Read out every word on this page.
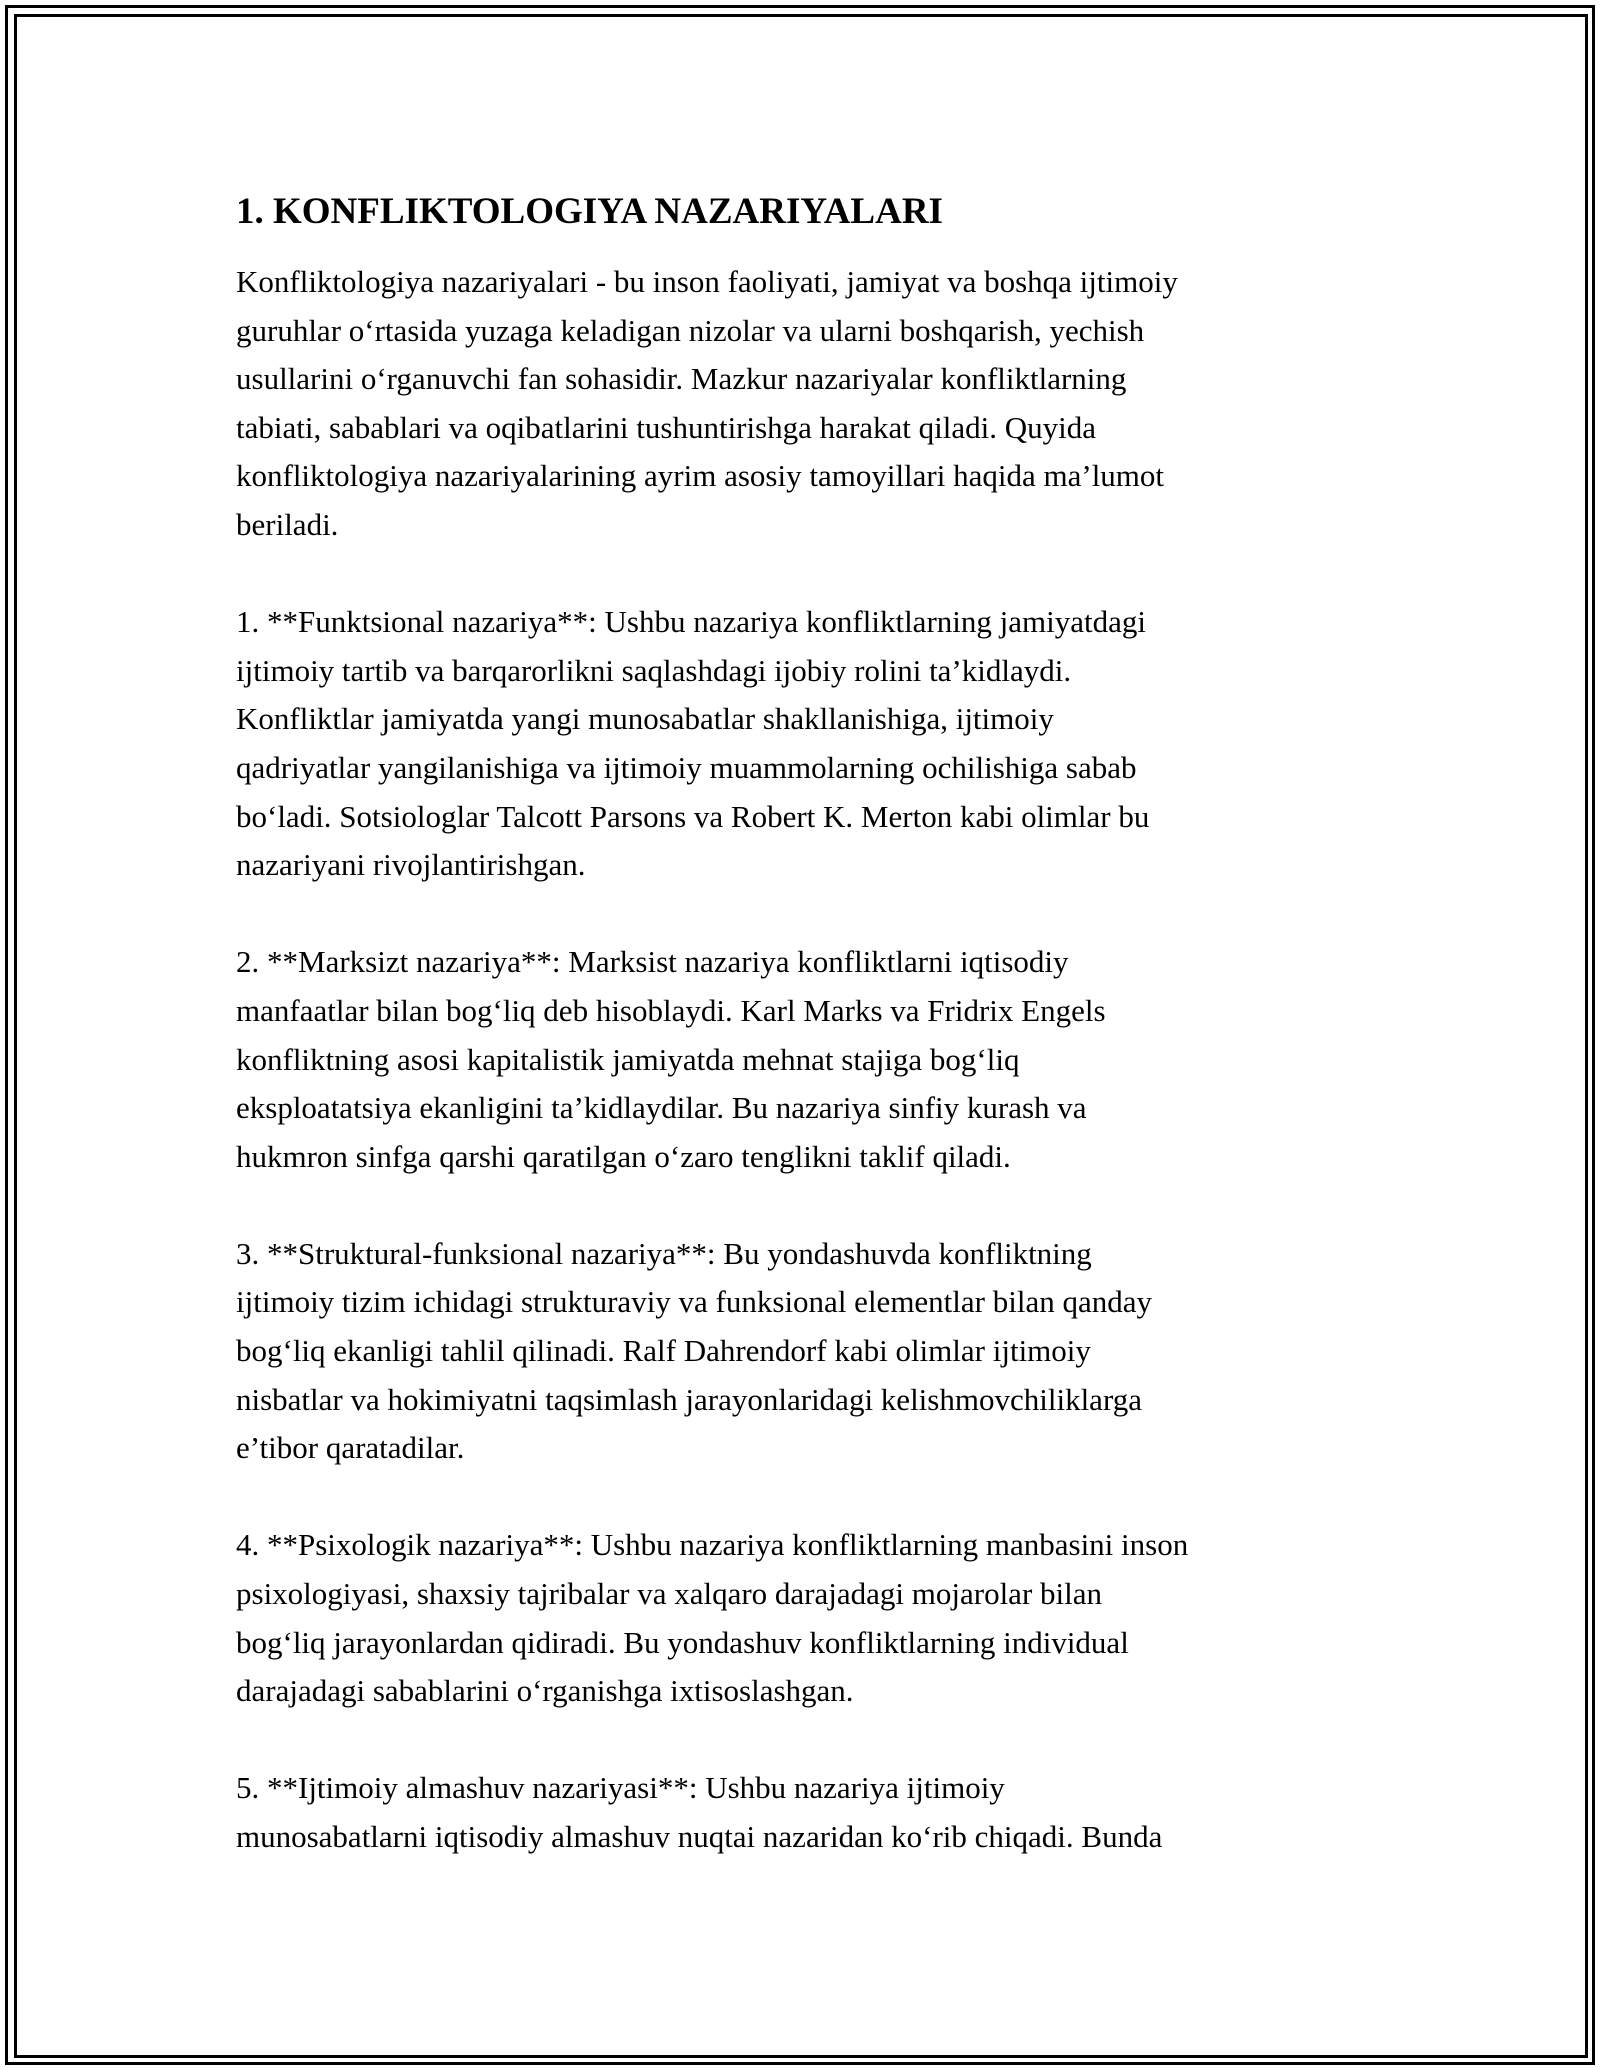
1. KONFLIKTOLOGIYA NAZARIYALARI

Konfliktologiya nazariyalari - bu inson faoliyati, jamiyat va boshqa ijtimoiy
guruhlar o‘rtasida yuzaga keladigan nizolar va ularni boshqarish, yechish
usullarini o‘rganuvchi fan sohasidir. Mazkur nazariyalar konfliktlarning
tabiati, sabablari va oqibatlarini tushuntirishga harakat qiladi. Quyida
konfliktologiya nazariyalarining ayrim asosiy tamoyillari haqida ma’lumot
beriladi.

1. **Funktsional nazariya**: Ushbu nazariya konfliktlarning jamiyatdagi
ijtimoiy tartib va barqarorlikni saqlashdagi ijobiy rolini ta’kidlaydi.
Konfliktlar jamiyatda yangi munosabatlar shakllanishiga, ijtimoiy
qadriyatlar yangilanishiga va ijtimoiy muammolarning ochilishiga sabab
bo‘ladi. Sotsiologlar Talcott Parsons va Robert K. Merton kabi olimlar bu
nazariyani rivojlantirishgan.

2. **Marksizt nazariya**: Marksist nazariya konfliktlarni iqtisodiy
manfaatlar bilan bog‘liq deb hisoblaydi. Karl Marks va Fridrix Engels
konfliktning asosi kapitalistik jamiyatda mehnat stajiga bog‘liq
eksploatatsiya ekanligini ta’kidlaydilar. Bu nazariya sinfiy kurash va
hukmron sinfga qarshi qaratilgan o‘zaro tenglikni taklif qiladi.

3. **Struktural-funksional nazariya**: Bu yondashuvda konfliktning
ijtimoiy tizim ichidagi strukturaviy va funksional elementlar bilan qanday
bog‘liq ekanligi tahlil qilinadi. Ralf Dahrendorf kabi olimlar ijtimoiy
nisbatlar va hokimiyatni taqsimlash jarayonlaridagi kelishmovchiliklarga
e’tibor qaratadilar.

4. **Psixologik nazariya**: Ushbu nazariya konfliktlarning manbasini inson
psixologiyasi, shaxsiy tajribalar va xalqaro darajadagi mojarolar bilan
bog‘liq jarayonlardan qidiradi. Bu yondashuv konfliktlarning individual
darajadagi sabablarini o‘rganishga ixtisoslashgan.

5. **Ijtimoiy almashuv nazariyasi**: Ushbu nazariya ijtimoiy
munosabatlarni iqtisodiy almashuv nuqtai nazaridan ko‘rib chiqadi. Bunda
